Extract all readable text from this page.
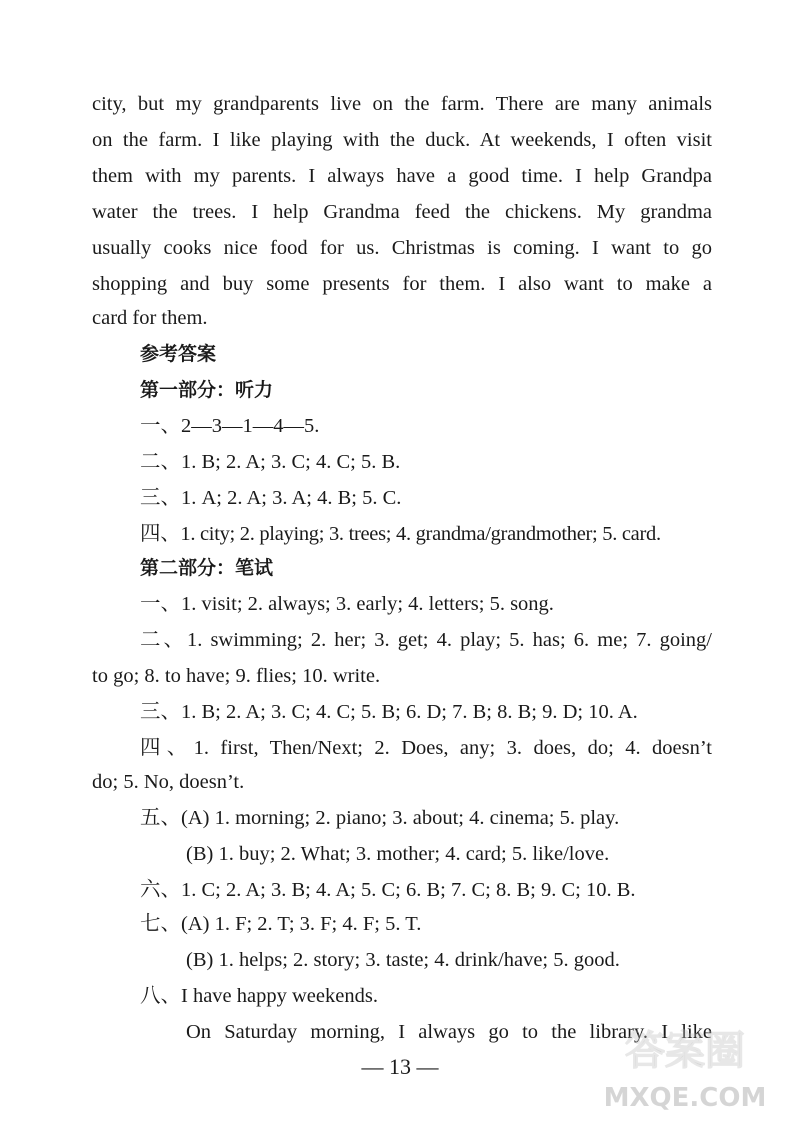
city, but my grandparents live on the farm. There are many animals
on the farm. I like playing with the duck. At weekends, I often visit
them with my parents. I always have a good time. I help Grandpa
water the trees. I help Grandma feed the chickens. My grandma
usually cooks nice food for us. Christmas is coming. I want to go
shopping and buy some presents for them. I also want to make a
card for them.
参考答案
第一部分：听力
一、2—3—1—4—5.
二、1. B; 2. A; 3. C; 4. C; 5. B.
三、1. A; 2. A; 3. A; 4. B; 5. C.
四、1. city; 2. playing; 3. trees; 4. grandma/grandmother; 5. card.
第二部分：笔试
一、1. visit; 2. always; 3. early; 4. letters; 5. song.
二、1. swimming; 2. her; 3. get; 4. play; 5. has; 6. me; 7. going/
to go; 8. to have; 9. flies; 10. write.
三、1. B; 2. A; 3. C; 4. C; 5. B; 6. D; 7. B; 8. B; 9. D; 10. A.
四、1. first, Then/Next; 2. Does, any; 3. does, do; 4. doesn’t
do; 5. No, doesn’t.
五、(A) 1. morning; 2. piano; 3. about; 4. cinema; 5. play.
(B) 1. buy; 2. What; 3. mother; 4. card; 5. like/love.
六、1. C; 2. A; 3. B; 4. A; 5. C; 6. B; 7. C; 8. B; 9. C; 10. B.
七、(A) 1. F; 2. T; 3. F; 4. F; 5. T.
(B) 1. helps; 2. story; 3. taste; 4. drink/have; 5. good.
八、I have happy weekends.
On Saturday morning, I always go to the library. I like
— 13 —	答案圈
MXQE.COM
